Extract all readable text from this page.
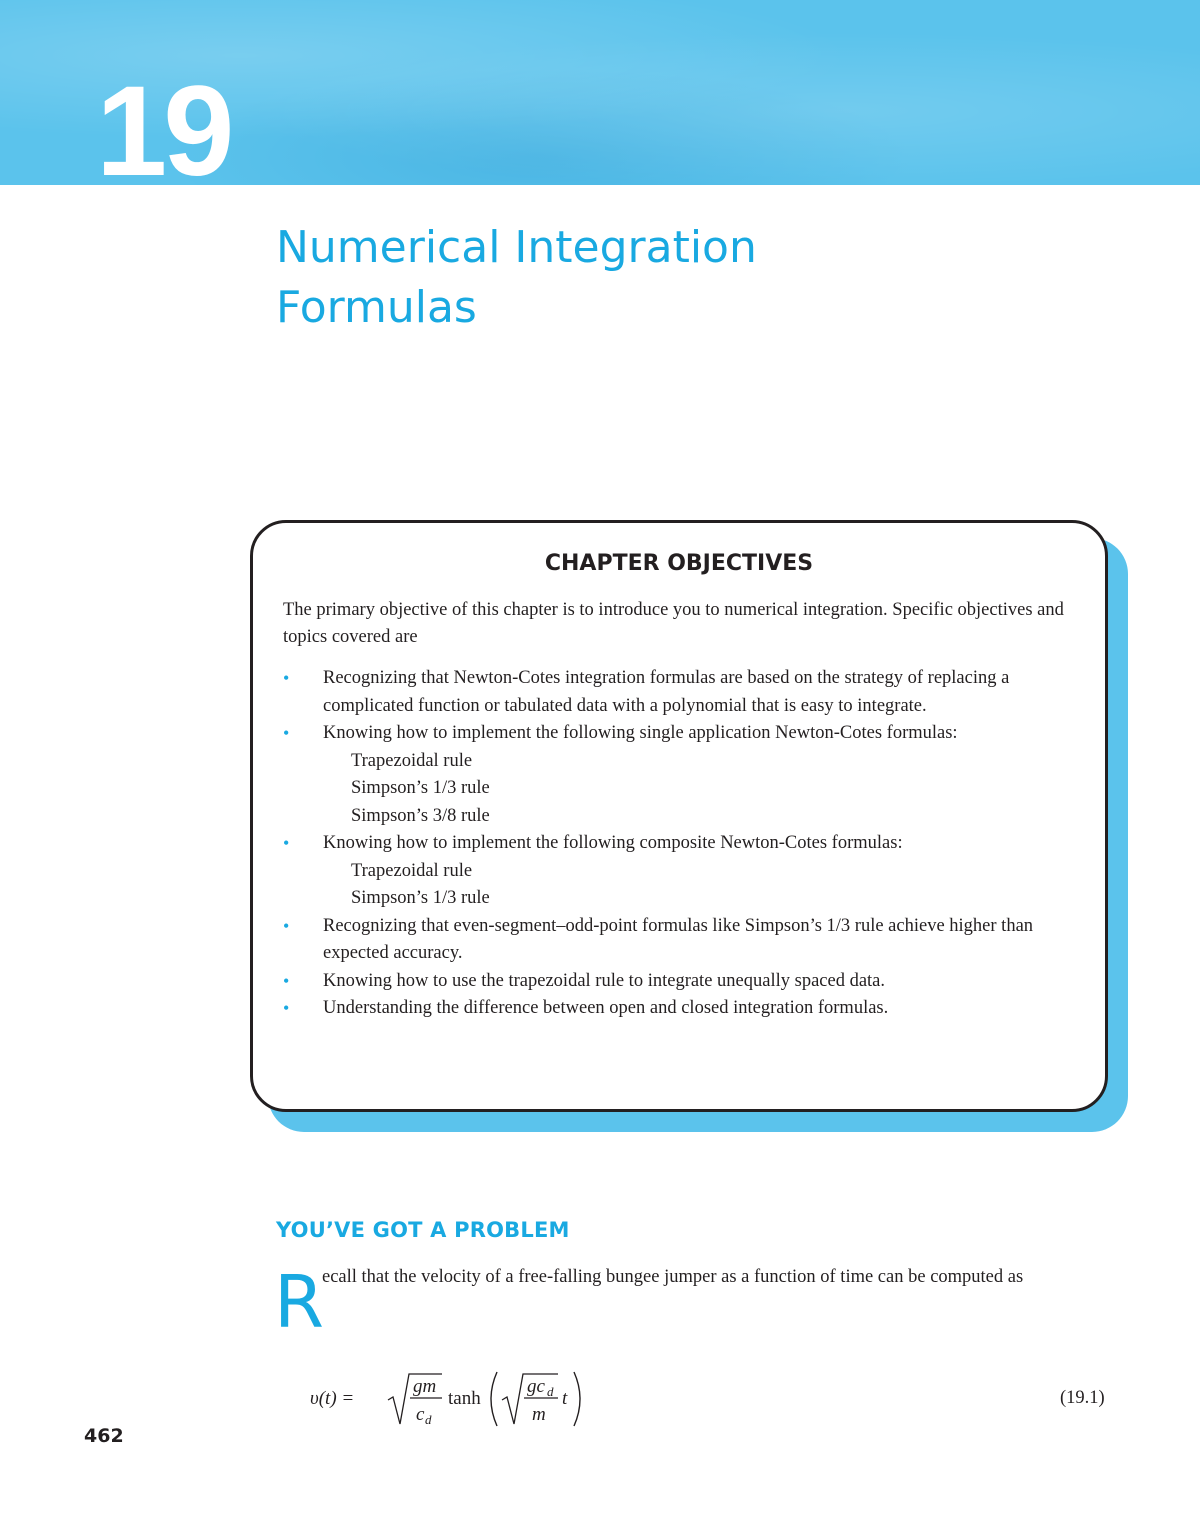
19
Numerical Integration
Formulas
CHAPTER OBJECTIVES

The primary objective of this chapter is to introduce you to numerical integration. Specific objectives and topics covered are

• Recognizing that Newton-Cotes integration formulas are based on the strategy of replacing a complicated function or tabulated data with a polynomial that is easy to integrate.
• Knowing how to implement the following single application Newton-Cotes formulas:
Trapezoidal rule
Simpson’s 1/3 rule
Simpson’s 3/8 rule
• Knowing how to implement the following composite Newton-Cotes formulas:
Trapezoidal rule
Simpson’s 1/3 rule
• Recognizing that even-segment–odd-point formulas like Simpson’s 1/3 rule achieve higher than expected accuracy.
• Knowing how to use the trapezoidal rule to integrate unequally spaced data.
• Understanding the difference between open and closed integration formulas.
YOU’VE GOT A PROBLEM
R

ecall that the velocity of a free-falling bungee jumper as a function of time can be computed as

υ(t) =
gm
c d
tanh
gc d
m
t	(19.1)
462
